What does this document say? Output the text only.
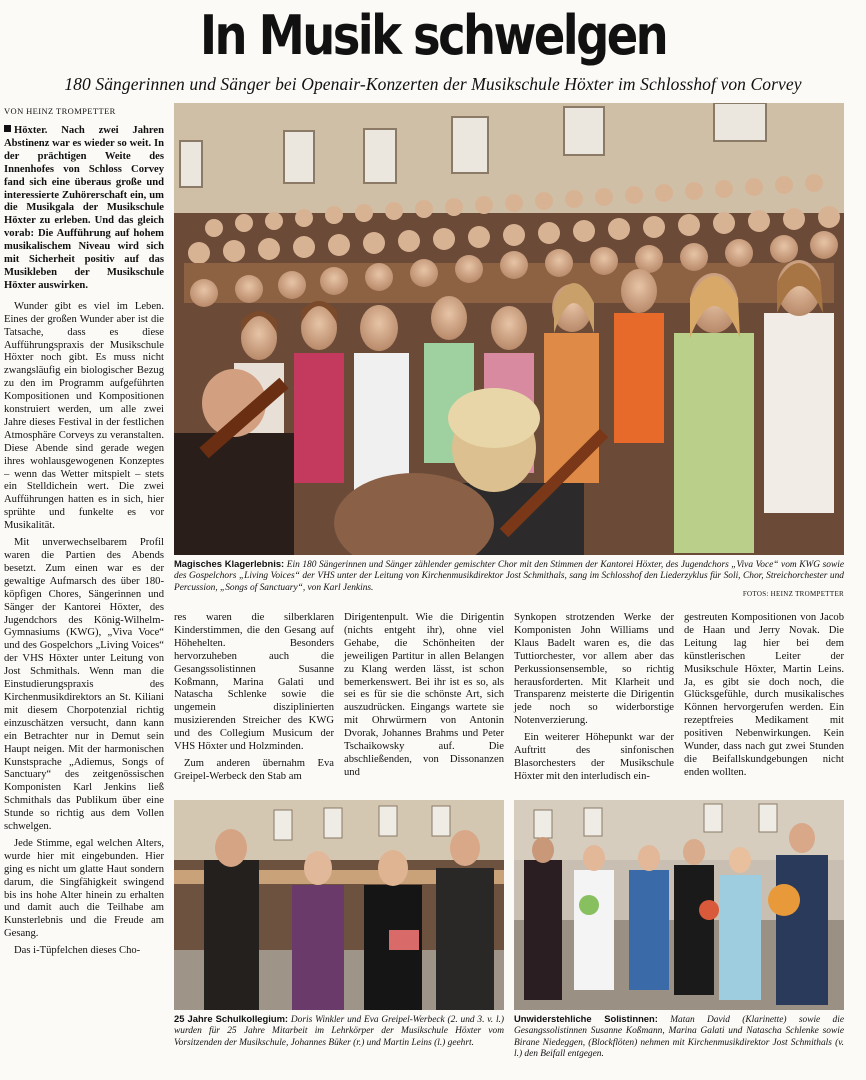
In Musik schwelgen
180 Sängerinnen und Sänger bei Openair-Konzerten der Musikschule Höxter im Schlosshof von Corvey
VON HEINZ TROMPETTER

Höxter. Nach zwei Jahren Abstinenz war es wieder so weit. In der prächtigen Weite des Innenhofes von Schloss Corvey fand sich eine überaus große und interessierte Zuhörerschaft ein, um die Musikgala der Musikschule Höxter zu erleben. Und das gleich vorab: Die Aufführung auf hohem musikalischem Niveau wird sich mit Sicherheit positiv auf das Musikleben der Musikschule Höxter auswirken.

Wunder gibt es viel im Leben. Eines der großen Wunder aber ist die Tatsache, dass es diese Aufführungspraxis der Musikschule Höxter noch gibt. Es muss nicht zwangsläufig ein biologischer Bezug zu den im Programm aufgeführten Kompositionen und Kompositionen konstruiert werden, um alle zwei Jahre dieses Festival in der festlichen Atmosphäre Corveys zu veranstalten. Diese Abende sind gerade wegen ihres wohlausgewogenen Konzeptes – wenn das Wetter mitspielt – stets ein Stelldichein wert. Die zwei Aufführungen hatten es in sich, hier sprühte und funkelte es vor Musikalität.

Mit unverwechselbarem Profil waren die Partien des Abends besetzt. Zum einen war es der gewaltige Aufmarsch des über 180-köpfigen Chores, Sängerinnen und Sänger der Kantorei Höxter, des Jugendchors des König-Wilhelm-Gymnasiums (KWG), „Viva Voce“ und des Gospelchors „Living Voices“ der VHS Höxter unter Leitung von Jost Schmithals. Wenn man die Einstudierungspraxis des Kirchenmusikdirektors an St. Kiliani mit diesem Chorpotenzial richtig einzuschätzen versucht, dann kann ein Betrachter nur in Demut sein Haupt neigen. Mit der harmonischen Kunstsprache „Adiemus, Songs of Sanctuary“ des zeitgenössischen Komponisten Karl Jenkins ließ Schmithals das Publikum über eine Stunde so richtig aus dem Vollen schwelgen.

Jede Stimme, egal welchen Alters, wurde hier mit eingebunden. Hier ging es nicht um glatte Haut sondern darum, die Singfähigkeit swingend bis ins hohe Alter hinein zu erhalten und damit auch die Teilhabe am Kunsterlebnis und die Freude am Gesang.

Das i-Tüpfelchen dieses Cho-

Magisches Klagerlebnis: Ein 180 Sängerinnen und Sänger zählender gemischter Chor mit den Stimmen der Kantorei Höxter, des Jugendchors „Viva Voce“ vom KWG sowie des Gospelchors „Living Voices“ der VHS unter der Leitung von Kirchenmusikdirektor Jost Schmithals, sang im Schlosshof den Liederzyklus für Soli, Chor, Streichorchester und Percussion, „Songs of Sanctuary“, von Karl Jenkins.
FOTOS: HEINZ TROMPETTER

res waren die silberklaren Kinderstimmen, die den Gesang auf Höhehelten. Besonders hervorzuheben auch die Gesangssolistinnen Susanne Koßmann, Marina Galati und Natascha Schlenke sowie die ungemein disziplinierten musizierenden Streicher des KWG und des Collegium Musicum der VHS Höxter und Holzminden.

Zum anderen übernahm Eva Greipel-Werbeck den Stab am

Dirigentenpult. Wie die Dirigentin (nichts entgeht ihr), ohne viel Gehabe, die Schönheiten der jeweiligen Partitur in allen Belangen zu Klang werden lässt, ist schon bemerkenswert. Bei ihr ist es so, als sei es für sie die schönste Art, sich auszudrücken. Eingangs wartete sie mit Ohrwürmern von Antonin Dvorak, Johannes Brahms und Peter Tschaikowsky auf. Die abschließenden, von Dissonanzen und

Synkopen strotzenden Werke der Komponisten John Williams und Klaus Badelt waren es, die das Tuttiorchester, vor allem aber das Perkussionsensemble, so richtig herausforderten. Mit Klarheit und Transparenz meisterte die Dirigentin jede noch so widerborstige Notenverzierung.

Ein weiterer Höhepunkt war der Auftritt des sinfonischen Blasorchesters der Musikschule Höxter mit den interludisch ein-

gestreuten Kompositionen von Jacob de Haan und Jerry Novak. Die Leitung lag hier bei dem künstlerischen Leiter der Musikschule Höxter, Martin Leins. Ja, es gibt sie doch noch, die Glücksgefühle, durch musikalisches Können hervorgerufen werden. Ein rezeptfreies Medikament mit positiven Nebenwirkungen. Kein Wunder, dass nach gut zwei Stunden die Beifallskundgebungen nicht enden wollten.

25 Jahre Schulkollegium: Doris Winkler und Eva Greipel-Werbeck (2. und 3. v. l.) wurden für 25 Jahre Mitarbeit im Lehrkörper der Musikschule Höxter vom Vorsitzenden der Musikschule, Johannes Büker (r.) und Martin Leins (l.) geehrt.
Unwiderstehliche Solistinnen: Matan David (Klarinette) sowie die Gesangssolistinnen Susanne Koßmann, Marina Galati und Natascha Schlenke sowie Birane Niedeggen, (Blockflöten) nehmen mit Kirchenmusikdirektor Jost Schmithals (v. l.) den Beifall entgegen.
